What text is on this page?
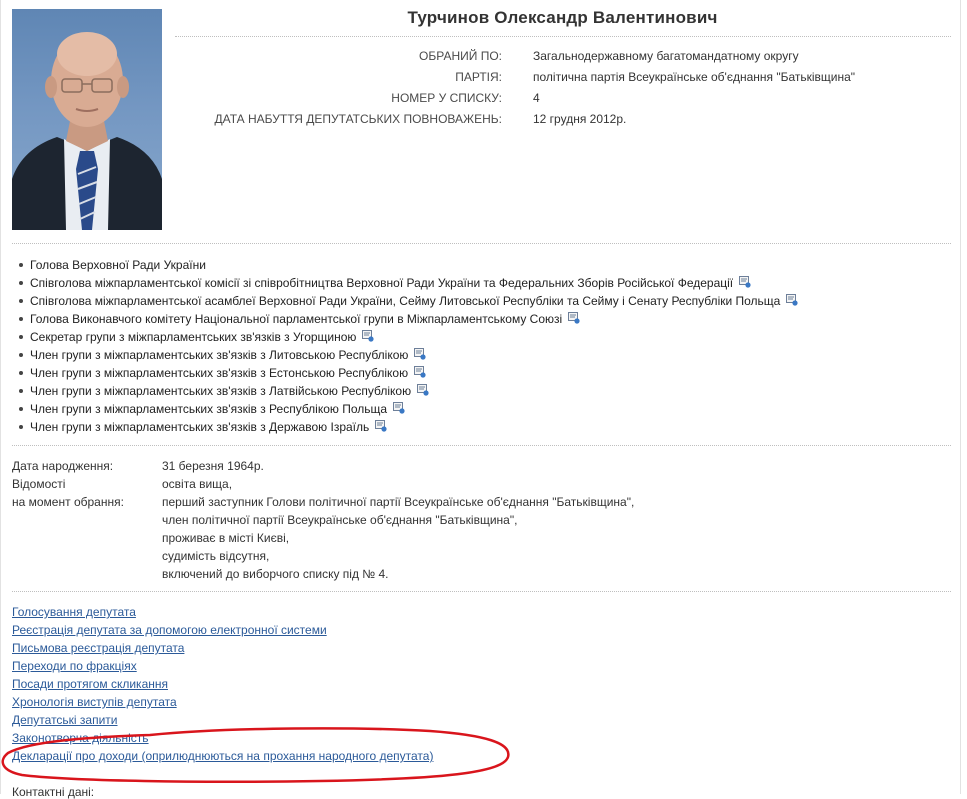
Турчинов Олександр Валентинович
ОБРАНИЙ ПО:	Загальнодержавному багатомандатному округу
ПАРТІЯ:	політична партія Всеукраїнське об'єднання "Батьківщина"
НОМЕР У СПИСКУ:	4
ДАТА НАБУТТЯ ДЕПУТАТСЬКИХ ПОВНОВАЖЕНЬ:	12 грудня 2012р.
Голова Верховної Ради України
Співголова міжпарламентської комісії зі співробітництва Верховної Ради України та Федеральних Зборів Російської Федерації
Співголова міжпарламентської асамблеї Верховної Ради України, Сейму Литовської Республіки та Сейму і Сенату Республіки Польща
Голова Виконавчого комітету Національної парламентської групи в Міжпарламентському Союзі
Секретар групи з міжпарламентських зв'язків з Угорщиною
Член групи з міжпарламентських зв'язків з Литовською Республікою
Член групи з міжпарламентських зв'язків з Естонською Республікою
Член групи з міжпарламентських зв'язків з Латвійською Республікою
Член групи з міжпарламентських зв'язків з Республікою Польща
Член групи з міжпарламентських зв'язків з Державою Ізраїль
Дата народження:	31 березня 1964р.
Відомості
на момент обрання:
освіта вища,
перший заступник Голови політичної партії Всеукраїнське об'єднання "Батьківщина",
член політичної партії Всеукраїнське об'єднання "Батьківщина",
проживає в місті Києві,
судимість відсутня,
включений до виборчого списку під № 4.
Голосування депутата
Реєстрація депутата за допомогою електронної системи
Письмова реєстрація депутата
Переходи по фракціях
Посади протягом скликання
Хронологія виступів депутата
Депутатські запити
Законотворча діяльність
Декларації про доходи (оприлюднюються на прохання народного депутата)
Контактні дані:
